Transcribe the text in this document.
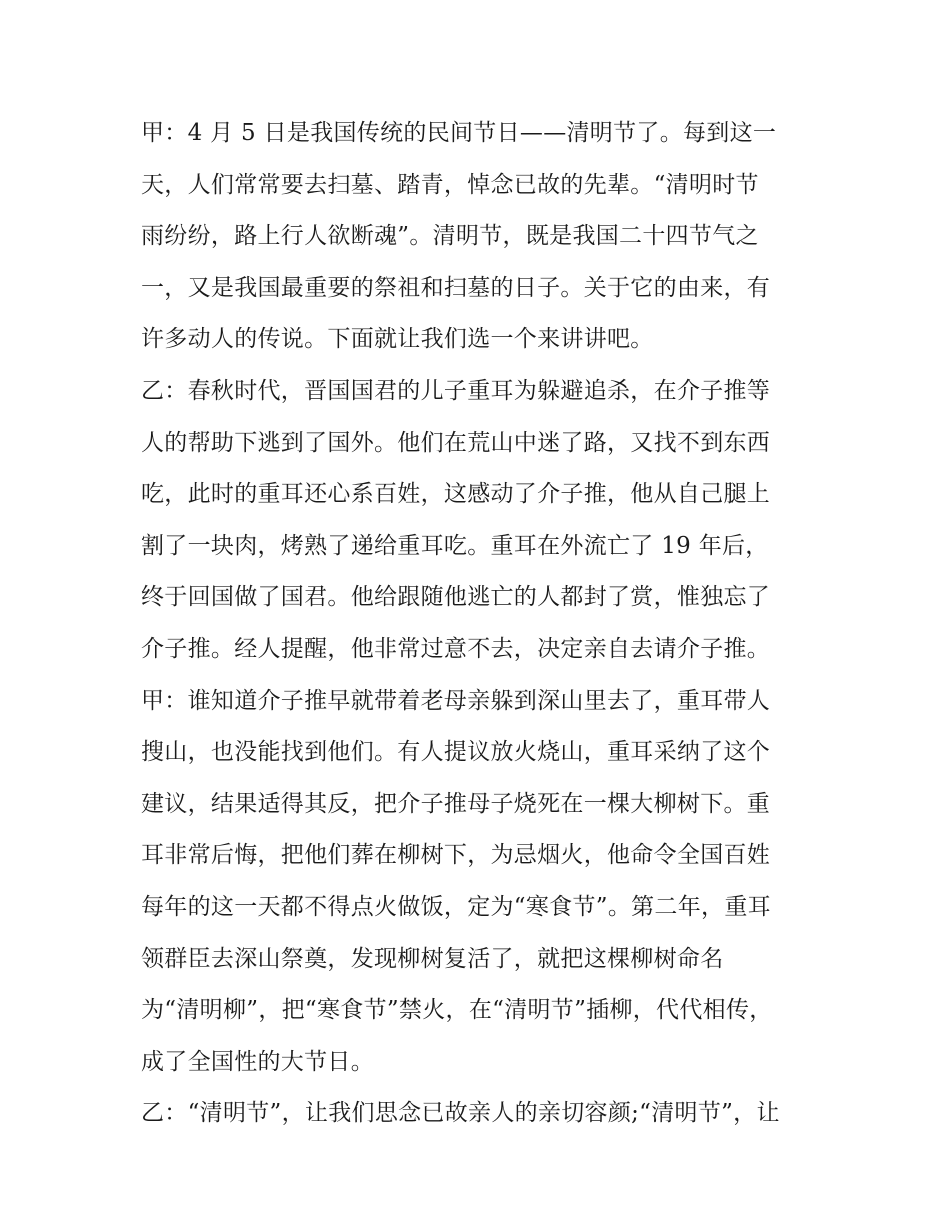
甲：4 月 5 日是我国传统的民间节日——清明节了。每到这一
天，人们常常要去扫墓、踏青，悼念已故的先辈。“清明时节
雨纷纷，路上行人欲断魂”。清明节，既是我国二十四节气之
一，又是我国最重要的祭祖和扫墓的日子。关于它的由来，有
许多动人的传说。下面就让我们选一个来讲讲吧。
乙：春秋时代，晋国国君的儿子重耳为躲避追杀，在介子推等
人的帮助下逃到了国外。他们在荒山中迷了路，又找不到东西
吃，此时的重耳还心系百姓，这感动了介子推，他从自己腿上
割了一块肉，烤熟了递给重耳吃。重耳在外流亡了 19 年后，
终于回国做了国君。他给跟随他逃亡的人都封了赏，惟独忘了
介子推。经人提醒，他非常过意不去，决定亲自去请介子推。
甲：谁知道介子推早就带着老母亲躲到深山里去了，重耳带人
搜山，也没能找到他们。有人提议放火烧山，重耳采纳了这个
建议，结果适得其反，把介子推母子烧死在一棵大柳树下。重
耳非常后悔，把他们葬在柳树下，为忌烟火，他命令全国百姓
每年的这一天都不得点火做饭，定为“寒食节”。第二年，重耳
领群臣去深山祭奠，发现柳树复活了，就把这棵柳树命名
为“清明柳”，把“寒食节”禁火，在“清明节”插柳，代代相传，
成了全国性的大节日。
乙：“清明节”，让我们思念已故亲人的亲切容颜;“清明节”，让
